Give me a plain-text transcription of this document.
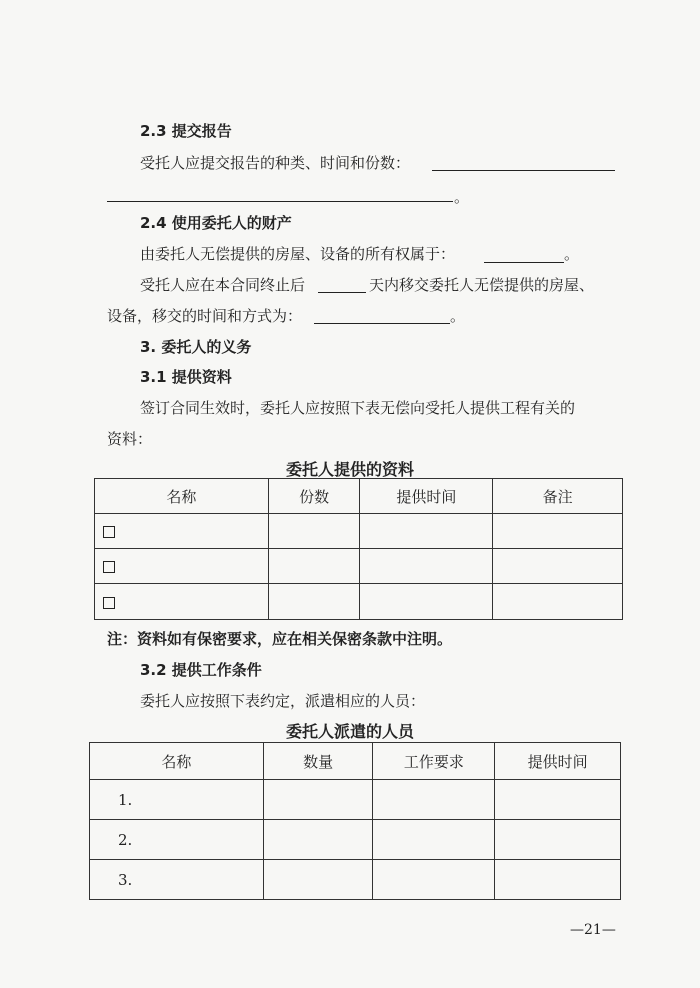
2.3 提交报告
受托人应提交报告的种类、时间和份数：
。
2.4 使用委托人的财产
由委托人无偿提供的房屋、设备的所有权属于：	。
受托人应在本合同终止后	天内移交委托人无偿提供的房屋、
设备，移交的时间和方式为：	。
3. 委托人的义务
3.1 提供资料
签订合同生效时，委托人应按照下表无偿向受托人提供工程有关的
资料：
委托人提供的资料
名称	份数	提供时间	备注

注：资料如有保密要求，应在相关保密条款中注明。
3.2 提供工作条件
委托人应按照下表约定，派遣相应的人员：
委托人派遣的人员
名称	数量	工作要求	提供时间
1.			
2.			
3.			
—21—
